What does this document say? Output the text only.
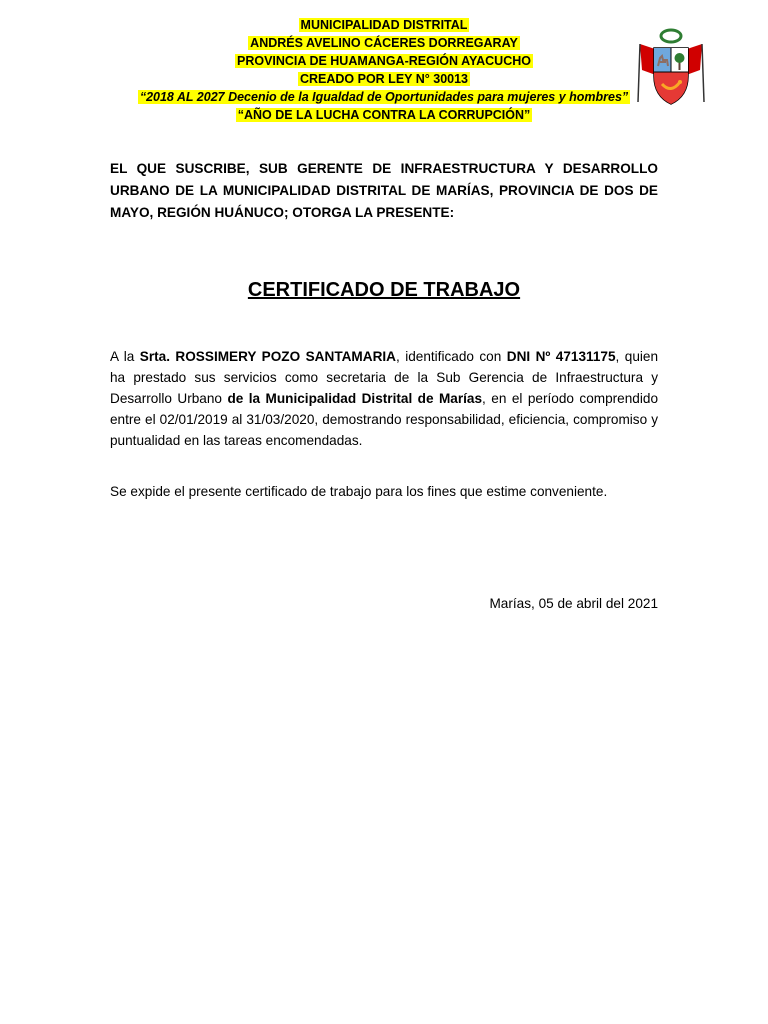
MUNICIPALIDAD DISTRITAL
ANDRÉS AVELINO CÁCERES DORREGARAY
PROVINCIA DE HUAMANGA-REGIÓN AYACUCHO
CREADO POR LEY N° 30013
“2018 AL 2027 Decenio de la Igualdad de Oportunidades para mujeres y hombres”
“AÑO DE LA LUCHA CONTRA LA CORRUPCIÓN”
EL QUE SUSCRIBE, SUB GERENTE DE INFRAESTRUCTURA Y DESARROLLO URBANO DE LA MUNICIPALIDAD DISTRITAL DE MARÍAS, PROVINCIA DE DOS DE MAYO, REGIÓN HUÁNUCO; OTORGA LA PRESENTE:
CERTIFICADO DE TRABAJO
A la Srta. ROSSIMERY POZO SANTAMARIA, identificado con DNI Nº 47131175, quien ha prestado sus servicios como secretaria de la Sub Gerencia de Infraestructura y Desarrollo Urbano de la Municipalidad Distrital de Marías, en el período comprendido entre el 02/01/2019 al 31/03/2020, demostrando responsabilidad, eficiencia, compromiso y puntualidad en las tareas encomendadas.
Se expide el presente certificado de trabajo para los fines que estime conveniente.
Marías, 05 de abril del 2021
